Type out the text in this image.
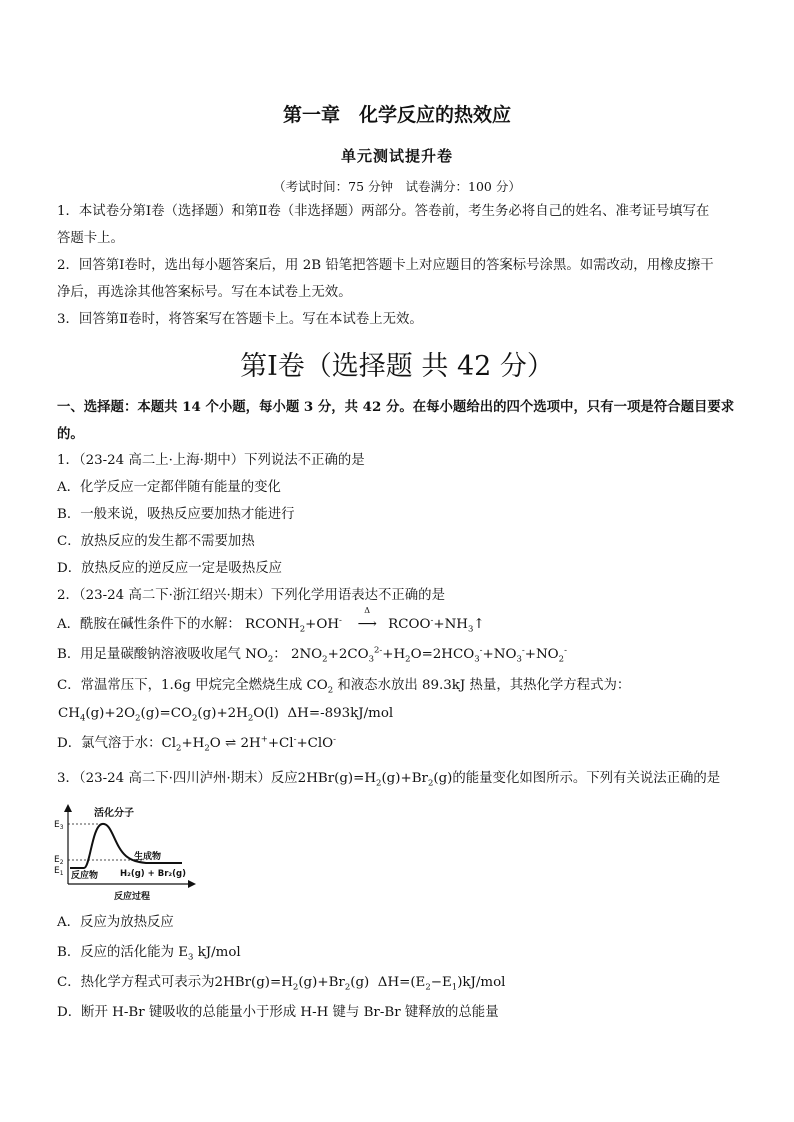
第一章　化学反应的热效应
单元测试提升卷
（考试时间：75 分钟　试卷满分：100 分）
1．本试卷分第Ⅰ卷（选择题）和第Ⅱ卷（非选择题）两部分。答卷前，考生务必将自己的姓名、准考证号填写在
答题卡上。
2．回答第Ⅰ卷时，选出每小题答案后，用 2B 铅笔把答题卡上对应题目的答案标号涂黑。如需改动，用橡皮擦干
净后，再选涂其他答案标号。写在本试卷上无效。
3．回答第Ⅱ卷时，将答案写在答题卡上。写在本试卷上无效。
第Ⅰ卷（选择题 共 42 分）
一、选择题：本题共 14 个小题，每小题 3 分，共 42 分。在每小题给出的四个选项中，只有一项是符合题目要求
的。
1．（23-24 高二上·上海·期中）下列说法不正确的是
A．化学反应一定都伴随有能量的变化
B．一般来说，吸热反应要加热才能进行
C．放热反应的发生都不需要加热
D．放热反应的逆反应一定是吸热反应
2．（23-24 高二下·浙江绍兴·期末）下列化学用语表达不正确的是
A．酰胺在碱性条件下的水解： $RCONH_2+OH^-$
Δ
⟶ $RCOO^-+NH_3↑$
B．用足量碳酸钠溶液吸收尾气 $NO_2$： $2NO_2+2CO_3^{2-}+H_2O=2HCO_3^-+NO_3^-+NO_2^-$
C．常温常压下，1.6g 甲烷完全燃烧生成 $CO_2$ 和液态水放出 89.3kJ 热量，其热化学方程式为：
$CH_4(g)+2O_2(g)=CO_2(g)+2H_2O(l)$  ΔH=-893kJ/mol
D．氯气溶于水：$Cl_2+H_2O$ ⇌ 2H++Cl-+ClO-
3．（23-24 高二下·四川泸州·期末）反应$2HBr(g)=H_2(g)+Br_2(g)$的能量变化如图所示。下列有关说法正确的是
$E_3$
$E_2$
$E_1$
活化分子
生成物
反应物	H₂(g) + Br₂(g)
反应过程
A．反应为放热反应
B．反应的活化能为 $E_3$ kJ/mol
C．热化学方程式可表示为$2HBr(g)=H_2(g)+Br_2(g)$  $\Delta H=(E_2-E_1)kJ$/mol
D．断开 H-Br 键吸收的总能量小于形成 H-H 键与 Br-Br 键释放的总能量
